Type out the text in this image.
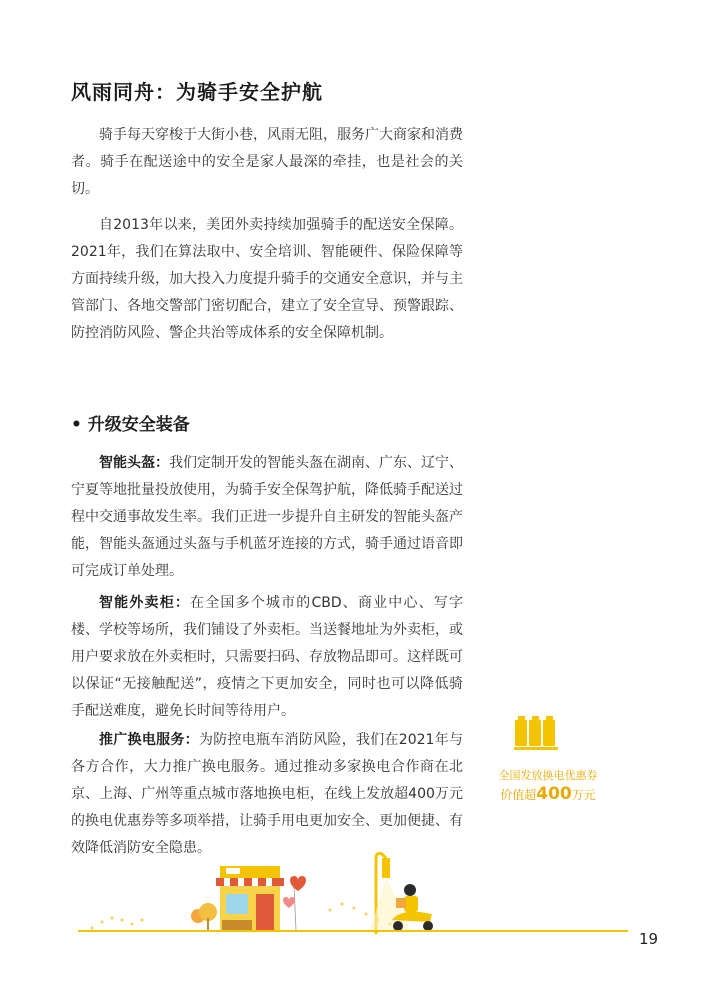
风雨同舟：为骑手安全护航

骑手每天穿梭于大街小巷，风雨无阻，服务广大商家和消费者。骑手在配送途中的安全是家人最深的牵挂，也是社会的关切。

自2013年以来，美团外卖持续加强骑手的配送安全保障。2021年，我们在算法取中、安全培训、智能硬件、保险保障等方面持续升级，加大投入力度提升骑手的交通安全意识，并与主管部门、各地交警部门密切配合，建立了安全宣导、预警跟踪、防控消防风险、警企共治等成体系的安全保障机制。

• 升级安全装备

智能头盔：我们定制开发的智能头盔在湖南、广东、辽宁、宁夏等地批量投放使用，为骑手安全保驾护航，降低骑手配送过程中交通事故发生率。我们正进一步提升自主研发的智能头盔产能，智能头盔通过头盔与手机蓝牙连接的方式，骑手通过语音即可完成订单处理。

智能外卖柜：在全国多个城市的CBD、商业中心、写字楼、学校等场所，我们铺设了外卖柜。当送餐地址为外卖柜，或用户要求放在外卖柜时，只需要扫码、存放物品即可。这样既可以保证“无接触配送”，疫情之下更加安全，同时也可以降低骑手配送难度，避免长时间等待用户。

推广换电服务：为防控电瓶车消防风险，我们在2021年与各方合作，大力推广换电服务。通过推动多家换电合作商在北京、上海、广州等重点城市落地换电柜，在线上发放超400万元的换电优惠券等多项举措，让骑手用电更加安全、更加便捷、有效降低消防安全隐患。

全国发放换电优惠券
价值超400万元
19
